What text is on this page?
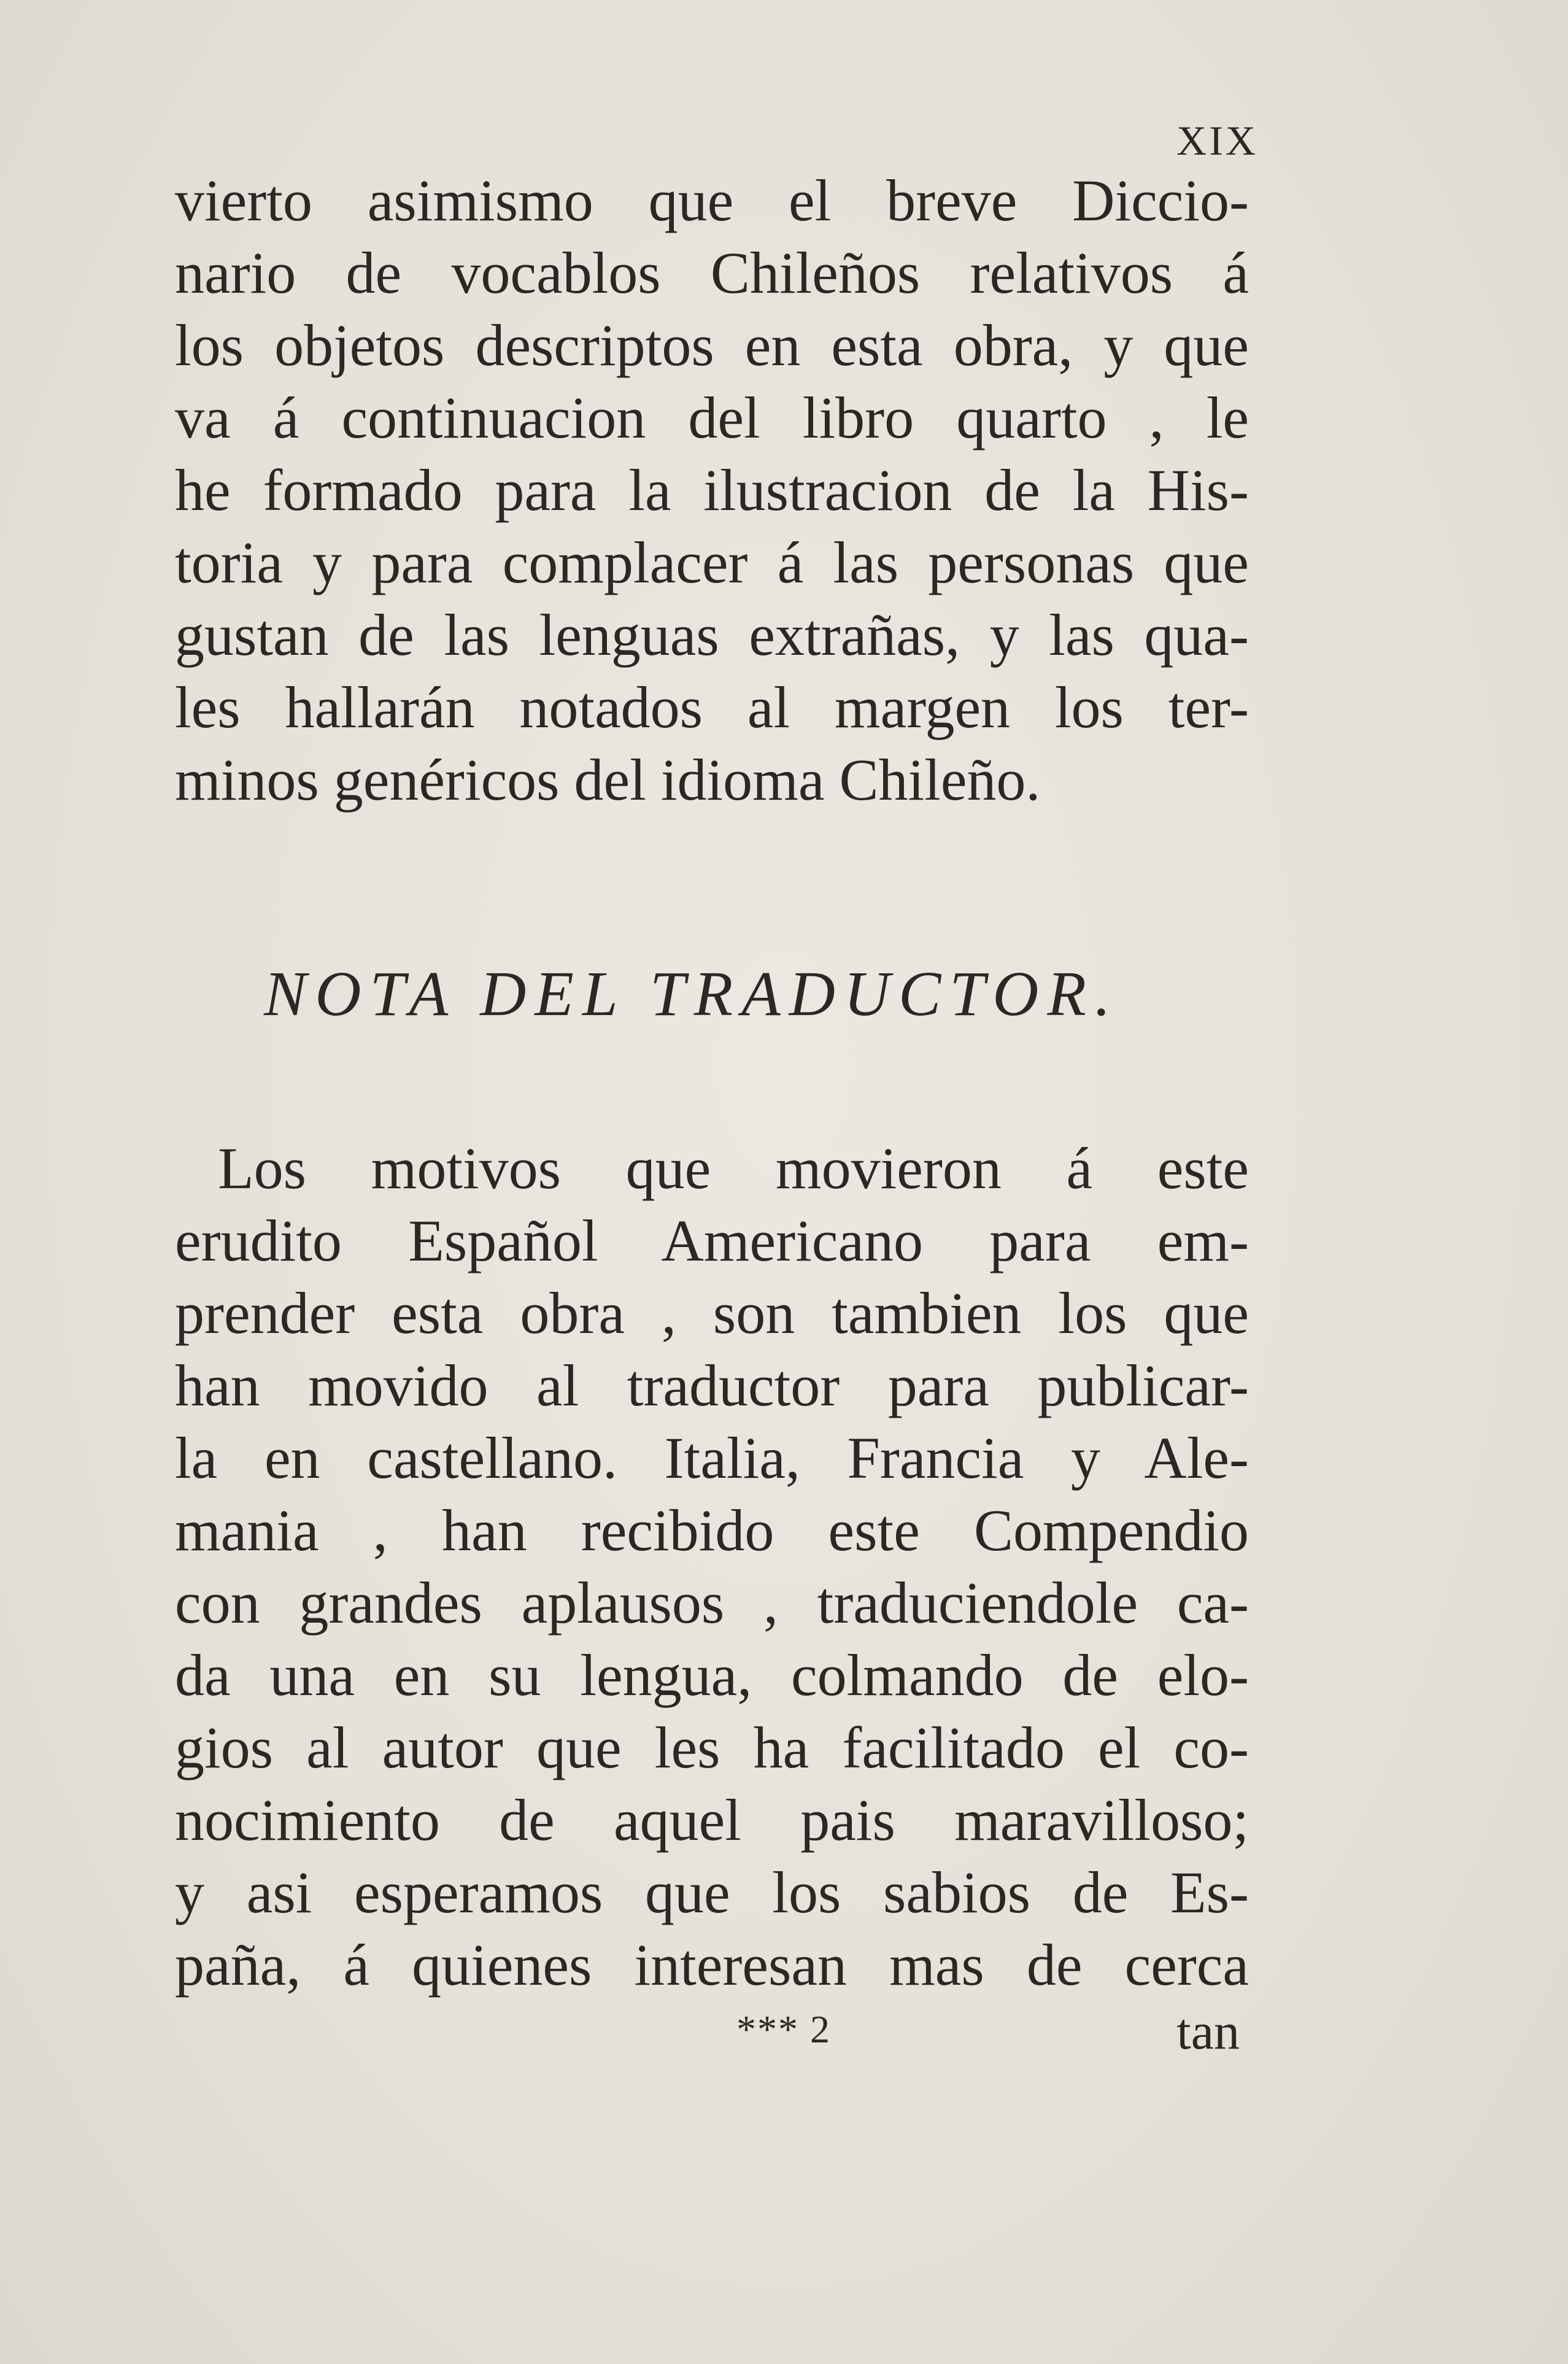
XIX
vierto asimismo que el breve Diccio-
nario de vocablos Chileños relativos á
los objetos descriptos en esta obra, y que
va á continuacion del libro quarto , le
he formado para la ilustracion de la His-
toria y para complacer á las personas que
gustan de las lenguas extrañas, y las qua-
les hallarán notados al margen los ter-
minos genéricos del idioma Chileño.
NOTA DEL TRADUCTOR.
Los motivos que movieron á este
erudito Español Americano para em-
prender esta obra , son tambien los que
han movido al traductor para publicar-
la en castellano. Italia, Francia y Ale-
mania , han recibido este Compendio
con grandes aplausos , traduciendole ca-
da una en su lengua, colmando de elo-
gios al autor que les ha facilitado el co-
nocimiento de aquel pais maravilloso;
y asi esperamos que los sabios de Es-
paña, á quienes interesan mas de cerca
*** 2	tan
